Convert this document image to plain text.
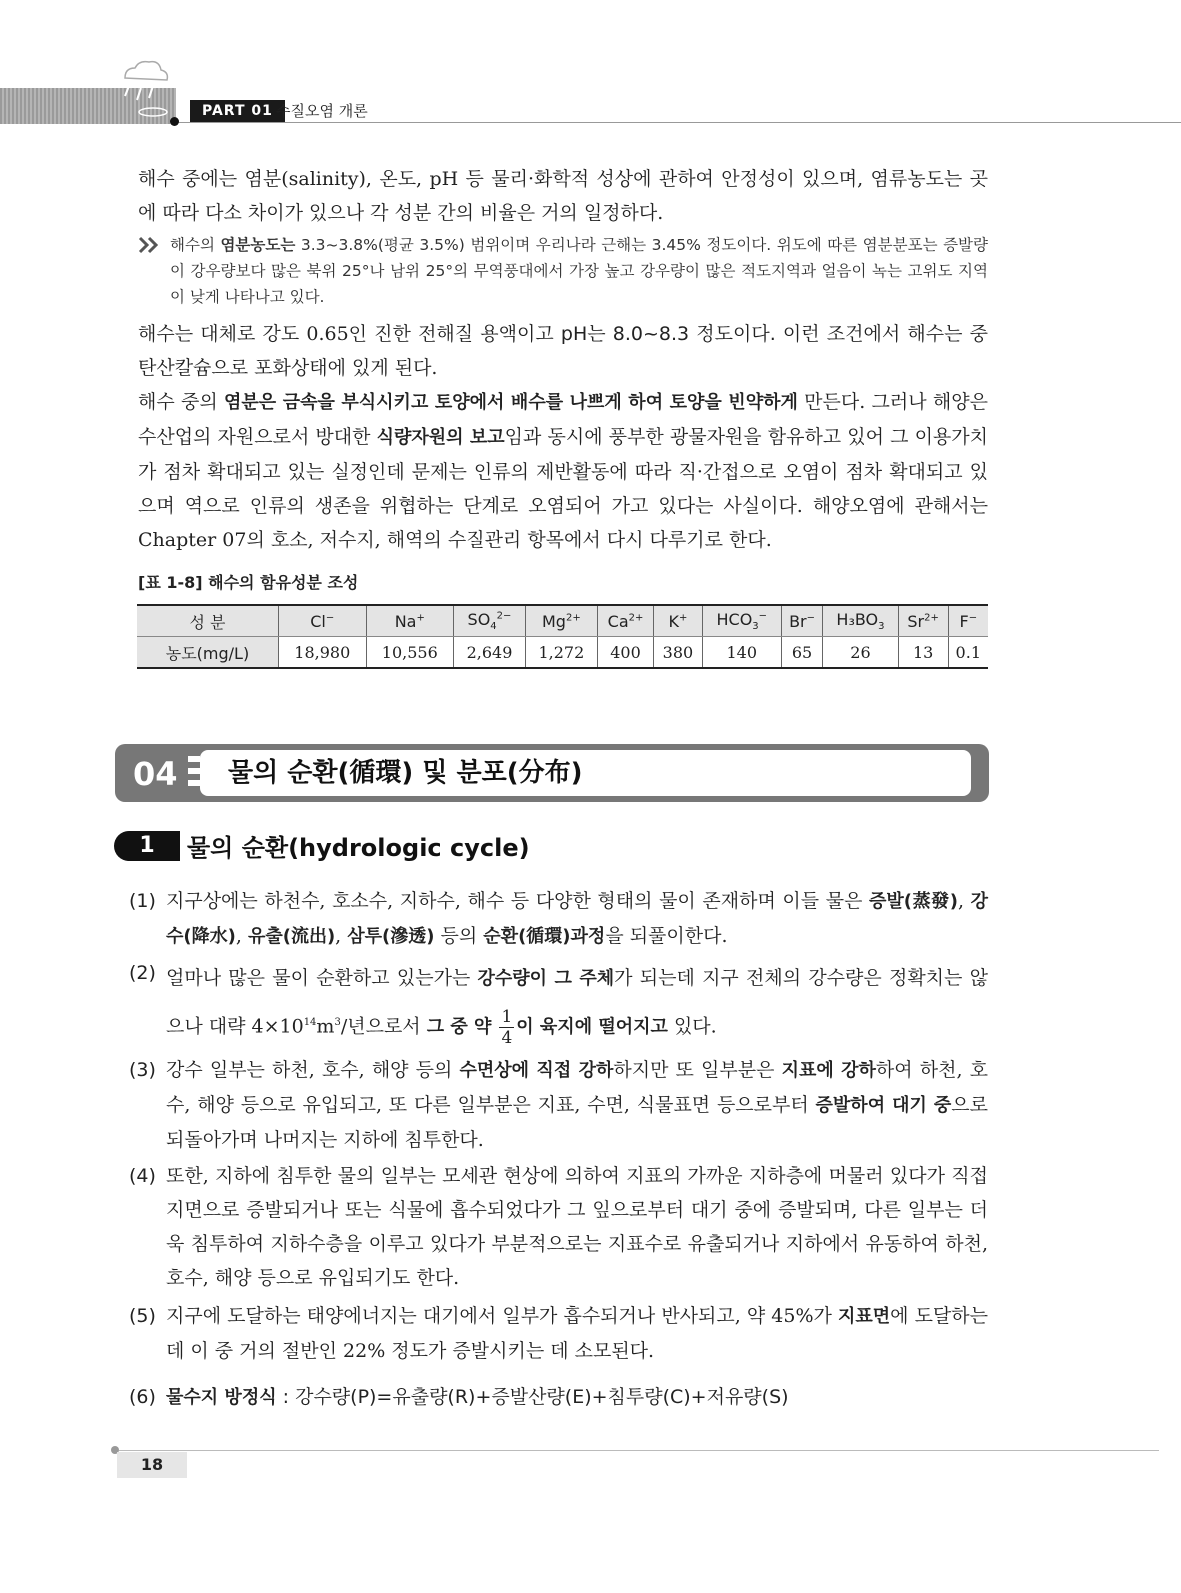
PART 01 수질오염 개론
해수 중에는 염분(salinity), 온도, pH 등 물리·화학적 성상에 관하여 안정성이 있으며, 염류농도는 곳에 따라 다소 차이가 있으나 각 성분 간의 비율은 거의 일정하다.
해수의 염분농도는 3.3~3.8%(평균 3.5%) 범위이며 우리나라 근해는 3.45% 정도이다. 위도에 따른 염분분포는 증발량이 강우량보다 많은 북위 25°나 남위 25°의 무역풍대에서 가장 높고 강우량이 많은 적도지역과 얼음이 녹는 고위도 지역이 낮게 나타나고 있다.
해수는 대체로 강도 0.65인 진한 전해질 용액이고 pH는 8.0~8.3 정도이다. 이런 조건에서 해수는 중탄산칼슘으로 포화상태에 있게 된다.
해수 중의 염분은 금속을 부식시키고 토양에서 배수를 나쁘게 하여 토양을 빈약하게 만든다. 그러나 해양은 수산업의 자원으로서 방대한 식량자원의 보고임과 동시에 풍부한 광물자원을 함유하고 있어 그 이용가치가 점차 확대되고 있는 실정인데 문제는 인류의 제반활동에 따라 직·간접으로 오염이 점차 확대되고 있으며 역으로 인류의 생존을 위협하는 단계로 오염되어 가고 있다는 사실이다. 해양오염에 관해서는 Chapter 07의 호소, 저수지, 해역의 수질관리 항목에서 다시 다루기로 한다.
[표 1-8] 해수의 함유성분 조성
성 분	Cl−	Na+	$SO_4^{2-}$	$Mg^{2+}$	$Ca^{2+}$	K+	$HCO_3^-$	Br−	$H_3BO_3$	$Sr^{2+}$	F−
농도(mg/L)	18,980	10,556	2,649	1,272	400	380	140	65	26	13	0.1
04 물의 순환(循環) 및 분포(分布)
1	물의 순환(hydrologic cycle)
(1) 지구상에는 하천수, 호소수, 지하수, 해수 등 다양한 형태의 물이 존재하며 이들 물은 증발(蒸發), 강수(降水), 유출(流出), 삼투(滲透) 등의 순환(循環)과정을 되풀이한다.
(2) 얼마나 많은 물이 순환하고 있는가는 강수량이 그 주체가 되는데 지구 전체의 강수량은 정확치는 않으나 대략 $4\times 10^{14}m^3/$년으로서 그 중 약 $\frac{1}{4}$ 이 육지에 떨어지고 있다.
(3) 강수 일부는 하천, 호수, 해양 등의 수면상에 직접 강하하지만 또 일부분은 지표에 강하하여 하천, 호수, 해양 등으로 유입되고, 또 다른 일부분은 지표, 수면, 식물표면 등으로부터 증발하여 대기 중으로 되돌아가며 나머지는 지하에 침투한다.
(4) 또한, 지하에 침투한 물의 일부는 모세관 현상에 의하여 지표의 가까운 지하층에 머물러 있다가 직접 지면으로 증발되거나 또는 식물에 흡수되었다가 그 잎으로부터 대기 중에 증발되며, 다른 일부는 더욱 침투하여 지하수층을 이루고 있다가 부분적으로는 지표수로 유출되거나 지하에서 유동하여 하천, 호수, 해양 등으로 유입되기도 한다.
(5) 지구에 도달하는 태양에너지는 대기에서 일부가 흡수되거나 반사되고, 약 45%가 지표면에 도달하는데 이 중 거의 절반인 22% 정도가 증발시키는 데 소모된다.
(6) 물수지 방정식 : 강수량(P)=유출량(R)+증발산량(E)+침투량(C)+저유량(S)
18
